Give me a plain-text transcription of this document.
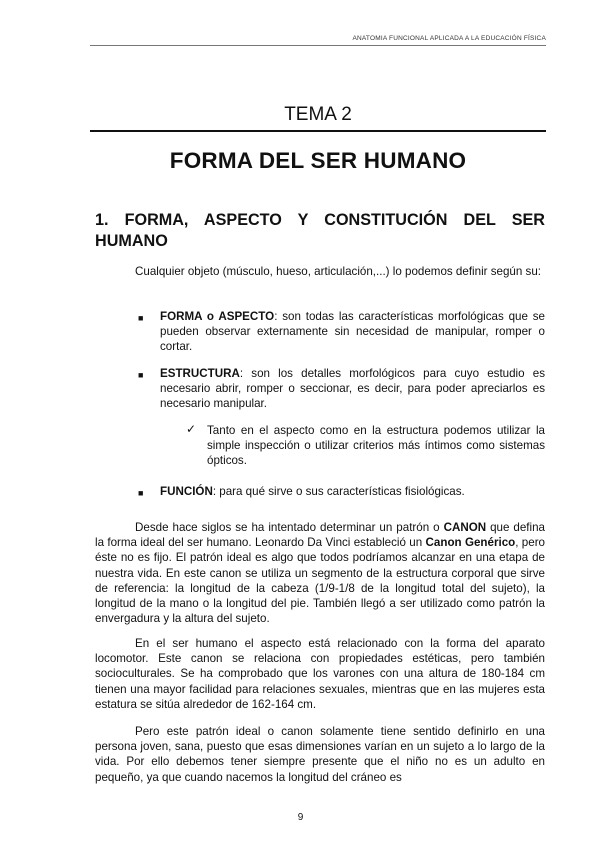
ANATOMIA FUNCIONAL APLICADA A LA EDUCACIÓN FÍSICA
TEMA 2
FORMA DEL SER HUMANO
1. FORMA, ASPECTO Y CONSTITUCIÓN DEL SER HUMANO
Cualquier objeto (músculo, hueso, articulación,...) lo podemos definir según su:
■ FORMA o ASPECTO: son todas las características morfológicas que se pueden observar externamente sin necesidad de manipular, romper o cortar.
■ ESTRUCTURA: son los detalles morfológicos para cuyo estudio es necesario abrir, romper o seccionar, es decir, para poder apreciarlos es necesario manipular.
✓ Tanto en el aspecto como en la estructura podemos utilizar la simple inspección o utilizar criterios más íntimos como sistemas ópticos.
■ FUNCIÓN: para qué sirve o sus características fisiológicas.
Desde hace siglos se ha intentado determinar un patrón o CANON que defina la forma ideal del ser humano. Leonardo Da Vinci estableció un Canon Genérico, pero éste no es fijo. El patrón ideal es algo que todos podríamos alcanzar en una etapa de nuestra vida. En este canon se utiliza un segmento de la estructura corporal que sirve de referencia: la longitud de la cabeza (1/9-1/8 de la longitud total del sujeto), la longitud de la mano o la longitud del pie. También llegó a ser utilizado como patrón la envergadura y la altura del sujeto.
En el ser humano el aspecto está relacionado con la forma del aparato locomotor. Este canon se relaciona con propiedades estéticas, pero también socioculturales. Se ha comprobado que los varones con una altura de 180-184 cm tienen una mayor facilidad para relaciones sexuales, mientras que en las mujeres esta estatura se sitúa alrededor de 162-164 cm.
Pero este patrón ideal o canon solamente tiene sentido definirlo en una persona joven, sana, puesto que esas dimensiones varían en un sujeto a lo largo de la vida. Por ello debemos tener siempre presente que el niño no es un adulto en pequeño, ya que cuando nacemos la longitud del cráneo es
9
